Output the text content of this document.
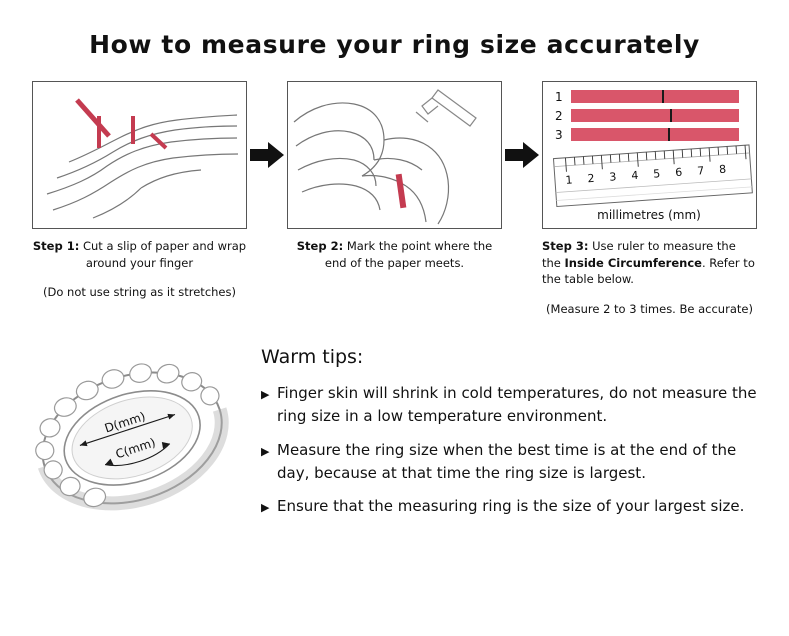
How to measure your ring size accurately
Step 1: Cut a slip of paper and wrap around your finger
(Do not use string as it stretches)
Step 2: Mark the point where the end of the paper meets.
1
2
3
1 2 3 4 5 6 7 8
millimetres (mm)
Step 3: Use ruler to measure the
the Inside Circumference. Refer to the table below.
(Measure 2 to 3 times. Be accurate)
D(mm)
C(mm)
Warm tips:
▶ Finger skin will shrink in cold temperatures, do not measure the ring size in a low temperature environment.
▶ Measure the ring size when the best time is at the end of the day, because at that time the ring size is largest.
▶ Ensure that the measuring ring is the size of your largest size.
